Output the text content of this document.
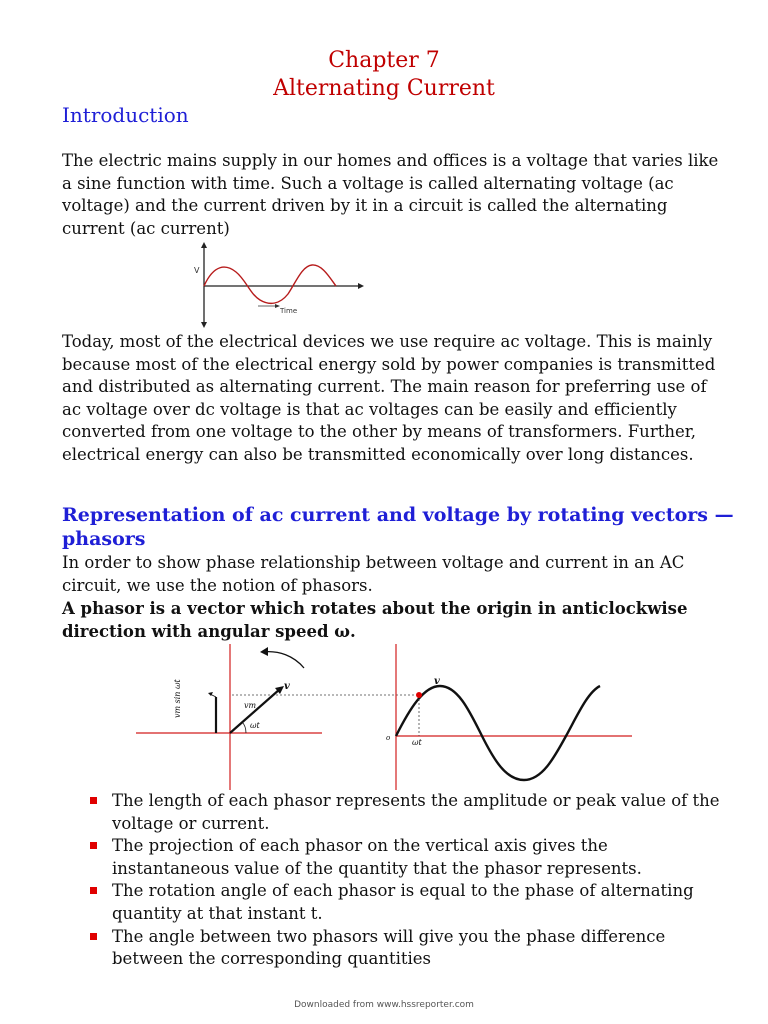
Chapter 7
Alternating Current
Introduction

The electric mains supply in our homes and offices is a voltage that varies like a sine function with time. Such a voltage is called alternating voltage (ac voltage) and the current driven by it in a circuit is called the alternating current (ac current)

V
Time

Today, most of the electrical devices we use require ac voltage. This is mainly because most of the electrical energy sold by power companies is transmitted and distributed as alternating current. The main reason for preferring use of ac voltage over dc voltage is that ac voltages can be easily and efficiently converted from one voltage to the other by means of transformers. Further, electrical energy can also be transmitted economically over long distances.

Representation of ac current and voltage by rotating vectors — phasors

In order to show phase relationship between voltage and current in an AC circuit, we use the notion of phasors.

A phasor is a vector which rotates about the origin in anticlockwise direction with angular speed ω.

vm sin ωt	v
vm
ωt
o
v
ωt
The length of each phasor represents the amplitude or peak value of the voltage or current.
The projection of each phasor on the vertical axis gives the instantaneous value of the quantity that the phasor represents.
The rotation angle of each phasor is equal to the phase of alternating quantity at that instant t.
The angle between two phasors will give you the phase difference between the corresponding quantities
Downloaded from www.hssreporter.com
